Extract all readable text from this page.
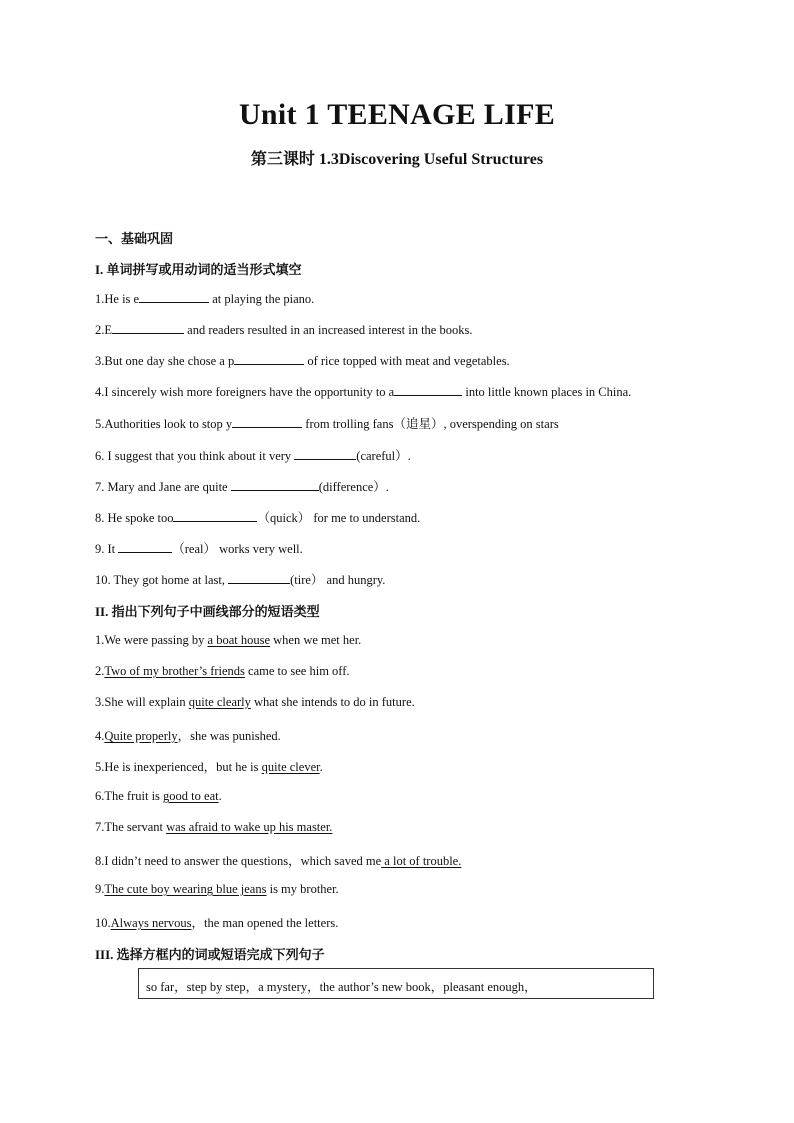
Unit 1 TEENAGE LIFE
第三课时 1.3Discovering Useful Structures
一、基础巩固
I. 单词拼写或用动词的适当形式填空
1.He is e	at playing the piano.
2.E	and readers resulted in an increased interest in the books.
3.But one day she chose a p	of rice topped with meat and vegetables.
4.I sincerely wish more foreigners have the opportunity to a	into little known places in China.
5.Authorities look to stop y	from trolling fans（追星）, overspending on stars
6. I suggest that you think about it very	(careful）.
7. Mary and Jane are quite	(difference）.
8. He spoke too	（quick） for me to understand.
9. It	（real） works very well.
10. They got home at last,	(tire） and hungry.
II. 指出下列句子中画线部分的短语类型
1.We were passing by a boat house when we met her.
2.Two of my brother’s friends came to see him off.
3.She will explain quite clearly what she intends to do in future.
4.Quite properly，she was punished.
5.He is inexperienced，but he is quite clever.
6.The fruit is good to eat.
7.The servant was afraid to wake up his master.
8.I didn’t need to answer the questions，which saved me a lot of trouble.
9.The cute boy wearing blue jeans is my brother.
10.Always nervous，the man opened the letters.
III. 选择方框内的词或短语完成下列句子
so far，step by step，a mystery，the author’s new book，pleasant enough，
